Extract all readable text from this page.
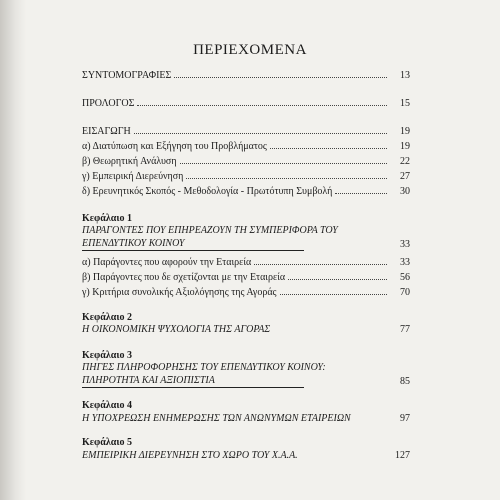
ΠΕΡΙΕΧΟΜΕΝΑ
ΣΥΝΤΟΜΟΓΡΑΦΙΕΣ	13
ΠΡΟΛΟΓΟΣ	15
ΕΙΣΑΓΩΓΗ	19
α) Διατύπωση και Εξήγηση του Προβλήματος	19
β) Θεωρητική Ανάλυση	22
γ) Εμπειρική Διερεύνηση	27
δ) Ερευνητικός Σκοπός - Μεθοδολογία - Πρωτότυπη Συμβολή	30
Κεφάλαιο 1
ΠΑΡΑΓΟΝΤΕΣ ΠΟΥ ΕΠΗΡΕΑΖΟΥΝ ΤΗ ΣΥΜΠΕΡΙΦΟΡΑ ΤΟΥ
ΕΠΕΝΔΥΤΙΚΟΥ ΚΟΙΝΟΥ	33
α) Παράγοντες που αφορούν την Εταιρεία	33
β) Παράγοντες που δε σχετίζονται με την Εταιρεία	56
γ) Κριτήρια συνολικής Αξιολόγησης της Αγοράς	70
Κεφάλαιο 2
Η ΟΙΚΟΝΟΜΙΚΗ ΨΥΧΟΛΟΓΙΑ ΤΗΣ ΑΓΟΡΑΣ	77
Κεφάλαιο 3
ΠΗΓΕΣ ΠΛΗΡΟΦΟΡΗΣΗΣ ΤΟΥ ΕΠΕΝΔΥΤΙΚΟΥ ΚΟΙΝΟΥ:
ΠΛΗΡΟΤΗΤΑ ΚΑΙ ΑΞΙΟΠΙΣΤΙΑ	85
Κεφάλαιο 4
Η ΥΠΟΧΡΕΩΣΗ ΕΝΗΜΕΡΩΣΗΣ ΤΩΝ ΑΝΩΝΥΜΩΝ ΕΤΑΙΡΕΙΩΝ	97
Κεφάλαιο 5
ΕΜΠΕΙΡΙΚΗ ΔΙΕΡΕΥΝΗΣΗ ΣΤΟ ΧΩΡΟ ΤΟΥ Χ.Α.Α.	127
